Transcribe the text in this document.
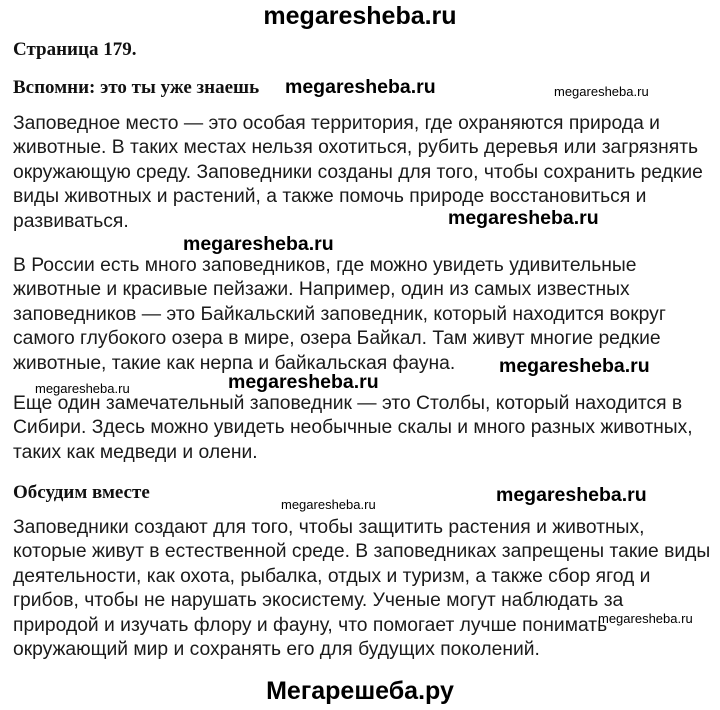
megaresheba.ru
Страница 179.
Вспомни: это ты уже знаешь
Заповедное место — это особая территория, где охраняются природа и
животные. В таких местах нельзя охотиться, рубить деревья или загрязнять
окружающую среду. Заповедники созданы для того, чтобы сохранить редкие
виды животных и растений, а также помочь природе восстановиться и
развиваться.
В России есть много заповедников, где можно увидеть удивительные
животные и красивые пейзажи. Например, один из самых известных
заповедников — это Байкальский заповедник, который находится вокруг
самого глубокого озера в мире, озера Байкал. Там живут многие редкие
животные, такие как нерпа и байкальская фауна.
Еще один замечательный заповедник — это Столбы, который находится в
Сибири. Здесь можно увидеть необычные скалы и много разных животных,
таких как медведи и олени.
Обсудим вместе
Заповедники создают для того, чтобы защитить растения и животных,
которые живут в естественной среде. В заповедниках запрещены такие виды
деятельности, как охота, рыбалка, отдых и туризм, а также сбор ягод и
грибов, чтобы не нарушать экосистему. Ученые могут наблюдать за
природой и изучать флору и фауну, что помогает лучше понимать
окружающий мир и сохранять его для будущих поколений.
megaresheba.ru
megaresheba.ru
megaresheba.ru
megaresheba.ru
megaresheba.ru
megaresheba.ru
megaresheba.ru
megaresheba.ru
megaresheba.ru
megaresheba.ru
Мегарешеба.ру
